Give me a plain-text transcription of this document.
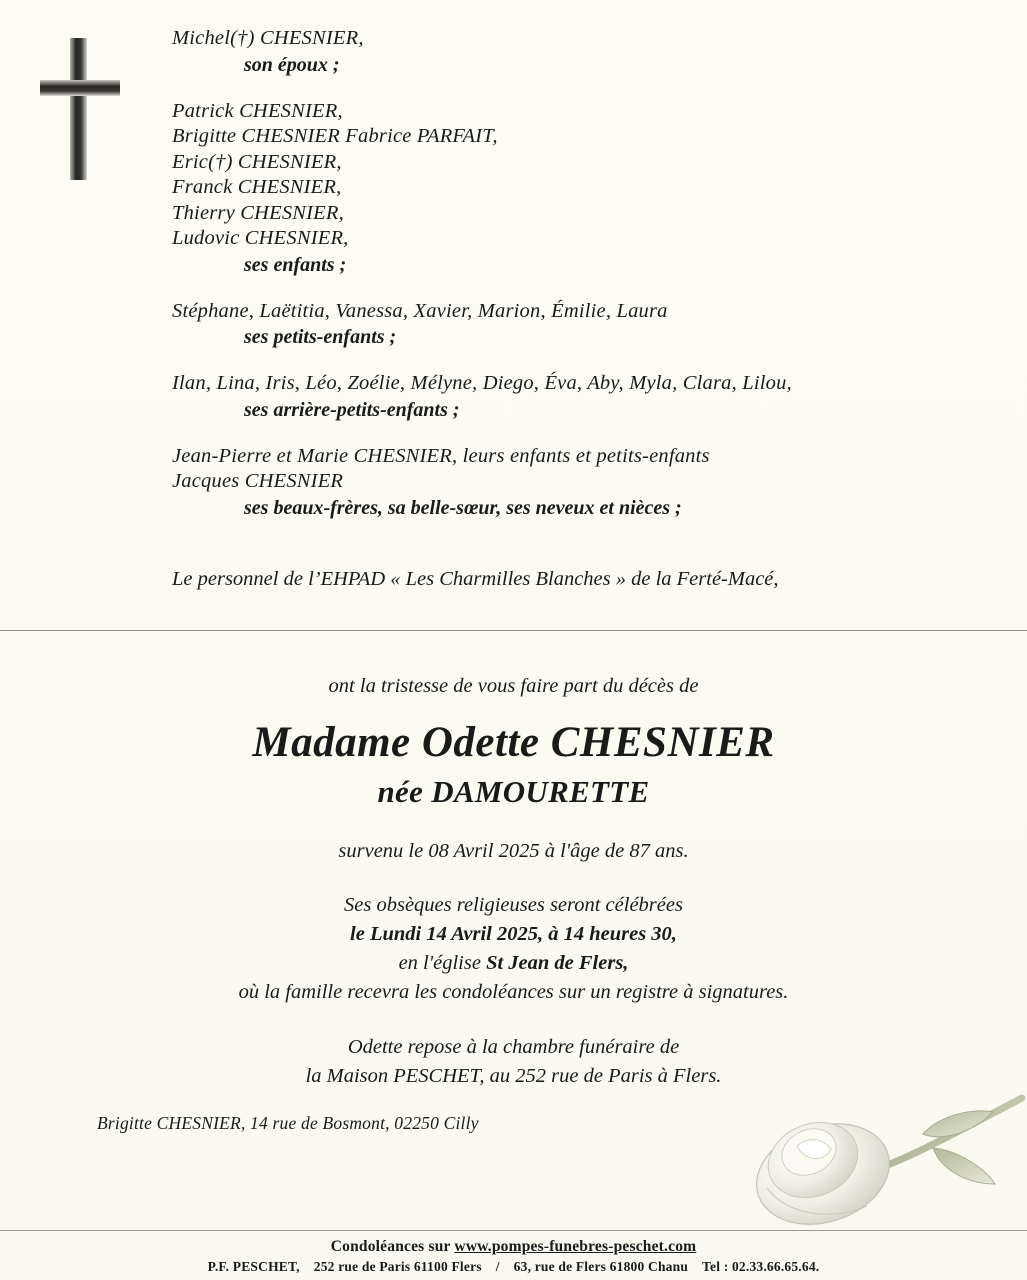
Michel(†) CHESNIER,
son époux ;
Patrick CHESNIER,
Brigitte CHESNIER Fabrice PARFAIT,
Eric(†) CHESNIER,
Franck CHESNIER,
Thierry CHESNIER,
Ludovic CHESNIER,
ses enfants ;
Stéphane, Laëtitia, Vanessa, Xavier, Marion, Émilie, Laura
ses petits-enfants ;
Ilan, Lina, Iris, Léo, Zoélie, Mélyne, Diego, Éva, Aby, Myla, Clara, Lilou,
ses arrière-petits-enfants ;
Jean-Pierre et Marie CHESNIER, leurs enfants et petits-enfants
Jacques CHESNIER
ses beaux-frères, sa belle-sœur, ses neveux et nièces ;
Le personnel de l’EHPAD « Les Charmilles Blanches » de la Ferté-Macé,
ont la tristesse de vous faire part du décès de
Madame Odette CHESNIER
née DAMOURETTE
survenu le 08 Avril 2025 à l'âge de 87 ans.
Ses obsèques religieuses seront célébrées
le Lundi 14 Avril 2025, à 14 heures 30,
en l'église St Jean de Flers,
où la famille recevra les condoléances sur un registre à signatures.
Odette repose à la chambre funéraire de
la Maison PESCHET, au 252 rue de Paris à Flers.
Brigitte CHESNIER, 14 rue de Bosmont, 02250 Cilly
Condoléances sur www.pompes-funebres-peschet.com
P.F. PESCHET, 252 rue de Paris 61100 Flers / 63, rue de Flers 61800 Chanu Tel : 02.33.66.65.64.
